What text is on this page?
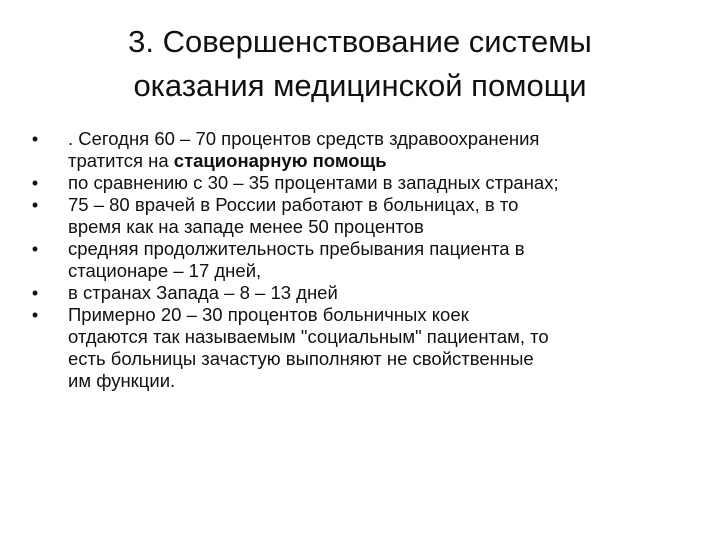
3. Совершенствование системы
оказания медицинской помощи
• . Сегодня 60 – 70 процентов средств здравоохранения
тратится на стационарную помощь
• по сравнению с 30 – 35 процентами в западных странах;
• 75 – 80 врачей в России работают в больницах, в то
время как на западе менее 50 процентов
• средняя продолжительность пребывания пациента в
стационаре – 17 дней,
• в странах Запада – 8 – 13 дней
• Примерно 20 – 30 процентов больничных коек
отдаются так называемым "социальным" пациентам, то
есть больницы зачастую выполняют не свойственные
им функции.
